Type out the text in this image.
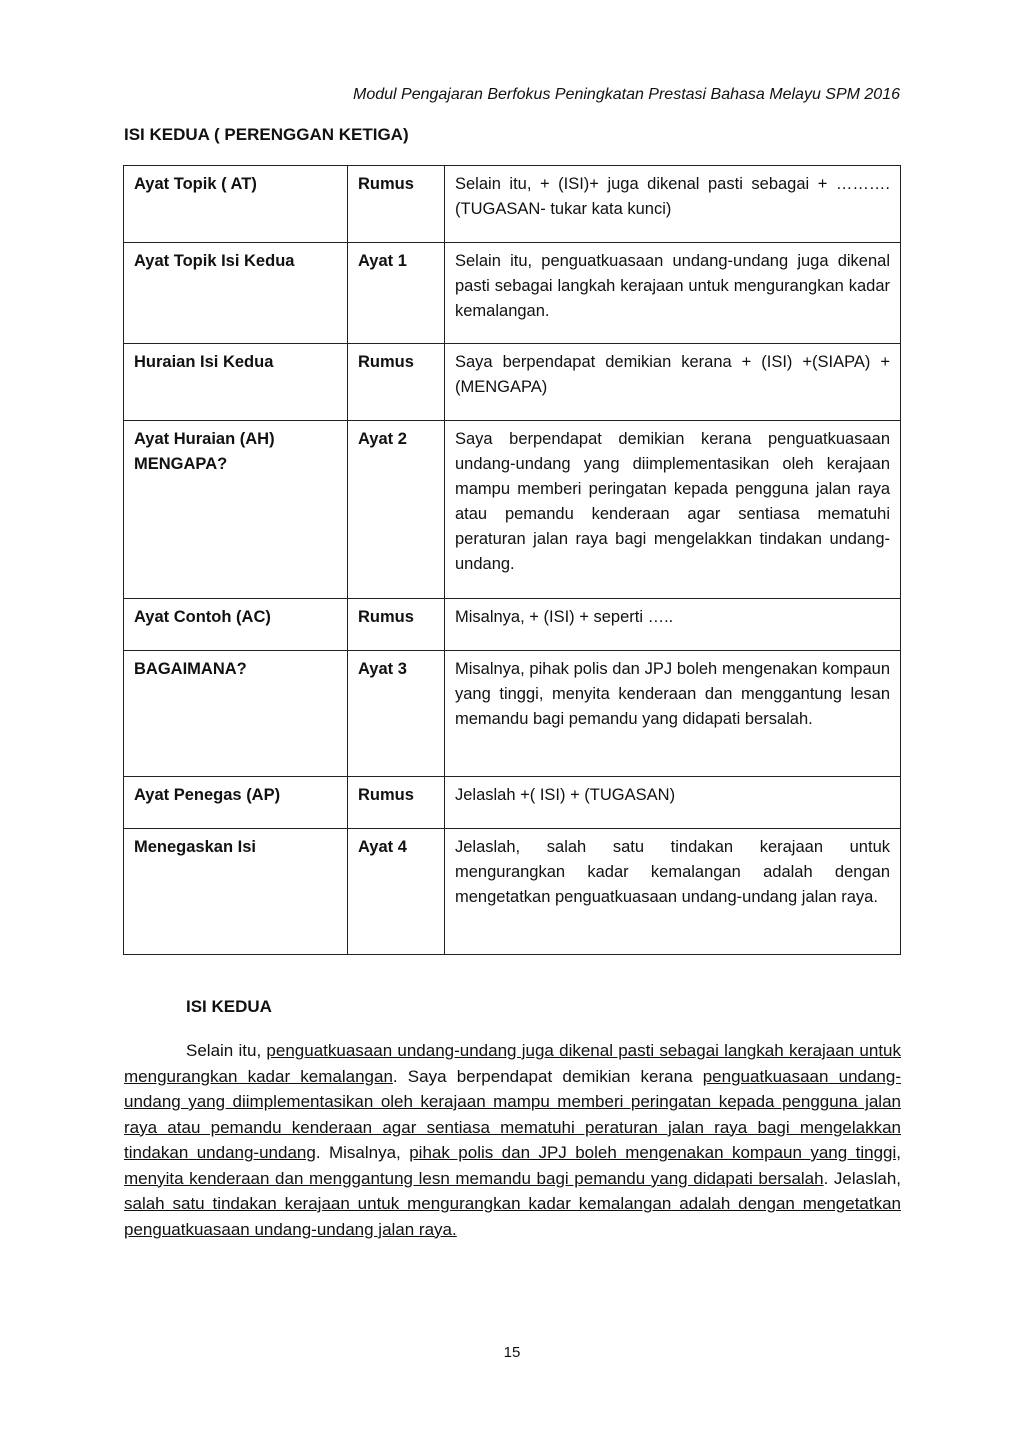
Modul Pengajaran Berfokus Peningkatan Prestasi Bahasa Melayu SPM 2016
ISI KEDUA ( PERENGGAN KETIGA)
Ayat Topik ( AT)	Rumus	Selain itu, + (ISI)+ juga dikenal pasti sebagai + ……….(TUGASAN- tukar kata kunci)
Ayat Topik Isi Kedua	Ayat 1	Selain itu, penguatkuasaan undang-undang juga dikenal pasti sebagai langkah kerajaan untuk mengurangkan kadar kemalangan.
Huraian Isi Kedua	Rumus	Saya berpendapat demikian kerana + (ISI) +(SIAPA) + (MENGAPA)
Ayat Huraian (AH) MENGAPA?	Ayat 2	Saya berpendapat demikian kerana penguatkuasaan undang-undang yang diimplementasikan oleh kerajaan mampu memberi peringatan kepada pengguna jalan raya atau pemandu kenderaan agar sentiasa mematuhi peraturan jalan raya bagi mengelakkan tindakan undang-undang.
Ayat Contoh (AC)	Rumus	Misalnya, + (ISI) + seperti …..
BAGAIMANA?	Ayat 3	Misalnya, pihak polis dan JPJ boleh mengenakan kompaun yang tinggi, menyita kenderaan dan menggantung lesan memandu bagi pemandu yang didapati bersalah.
Ayat Penegas (AP)	Rumus	Jelaslah +( ISI) + (TUGASAN)
Menegaskan Isi	Ayat 4	Jelaslah, salah satu tindakan kerajaan untuk mengurangkan kadar kemalangan adalah dengan mengetatkan penguatkuasaan undang-undang jalan raya.
ISI KEDUA

Selain itu, penguatkuasaan undang-undang juga dikenal pasti sebagai langkah kerajaan untuk mengurangkan kadar kemalangan. Saya berpendapat demikian kerana penguatkuasaan undang-undang yang diimplementasikan oleh kerajaan mampu memberi peringatan kepada pengguna jalan raya atau pemandu kenderaan agar sentiasa mematuhi peraturan jalan raya bagi mengelakkan tindakan undang-undang. Misalnya, pihak polis dan JPJ boleh mengenakan kompaun yang tinggi, menyita kenderaan dan menggantung lesn memandu bagi pemandu yang didapati bersalah. Jelaslah, salah satu tindakan kerajaan untuk mengurangkan kadar kemalangan adalah dengan mengetatkan penguatkuasaan undang-undang jalan raya.

15
